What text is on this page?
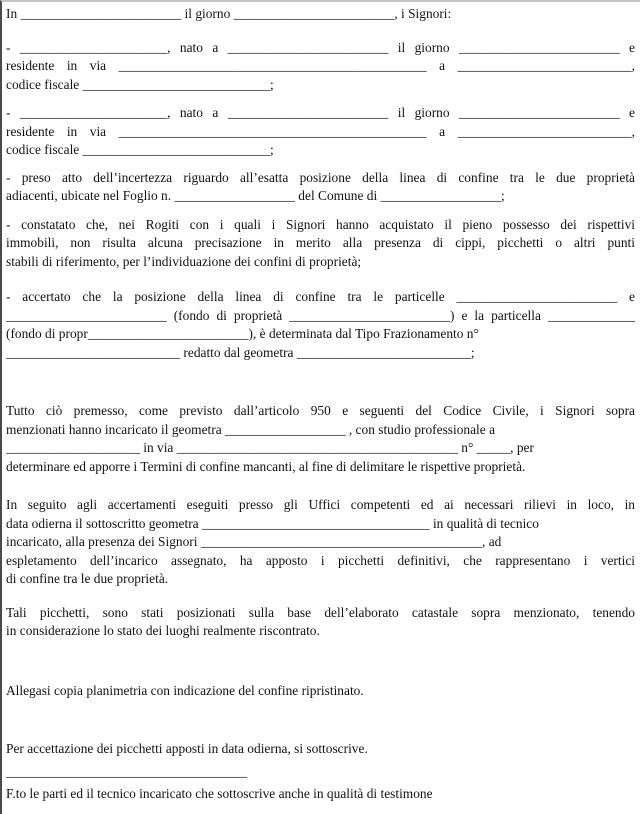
In ________________________ il giorno ________________________, i Signori:
- ______________________, nato a ________________________ il giorno ________________________ e
residente in via ______________________________________________ a __________________________,
codice fiscale ____________________________;
- ______________________, nato a ________________________ il giorno ________________________ e
residente in via ______________________________________________ a __________________________,
codice fiscale ____________________________;
- preso atto dell’incertezza riguardo all’esatta posizione della linea di confine tra le due proprietà
adiacenti, ubicate nel Foglio n. __________________ del Comune di __________________;
- constatato che, nei Rogiti con i quali i Signori hanno acquistato il pieno possesso dei rispettivi
immobili, non risulta alcuna precisazione in merito alla presenza di cippi, picchetti o altri punti
stabili di riferimento, per l’individuazione dei confini di proprietà;
- accertato che la posizione della linea di confine tra le particelle ________________________ e
________________________ (fondo di proprietà ________________________) e la particella _____________
(fondo di propr________________________), è determinata dal Tipo Frazionamento n°
__________________________ redatto dal geometra __________________________;
Tutto ciò premesso, come previsto dall’articolo 950 e seguenti del Codice Civile, i Signori sopra
menzionati hanno incaricato il geometra __________________ , con studio professionale a
____________________ in via __________________________________________ n° _____, per
determinare ed apporre i Termini di confine mancanti, al fine di delimitare le rispettive proprietà.
In seguito agli accertamenti eseguiti presso gli Uffici competenti ed ai necessari rilievi in loco, in
data odierna il sottoscritto geometra __________________________________ in qualità di tecnico
incaricato, alla presenza dei Signori __________________________________________, ad
espletamento dell’incarico assegnato, ha apposto i picchetti definitivi, che rappresentano i vertici
di confine tra le due proprietà.
Tali picchetti, sono stati posizionati sulla base dell’elaborato catastale sopra menzionato, tenendo
in considerazione lo stato dei luoghi realmente riscontrato.
Allegasi copia planimetria con indicazione del confine ripristinato.
Per accettazione dei picchetti apposti in data odierna, si sottoscrive.
____________________________________
F.to le parti ed il tecnico incaricato che sottoscrive anche in qualità di testimone
